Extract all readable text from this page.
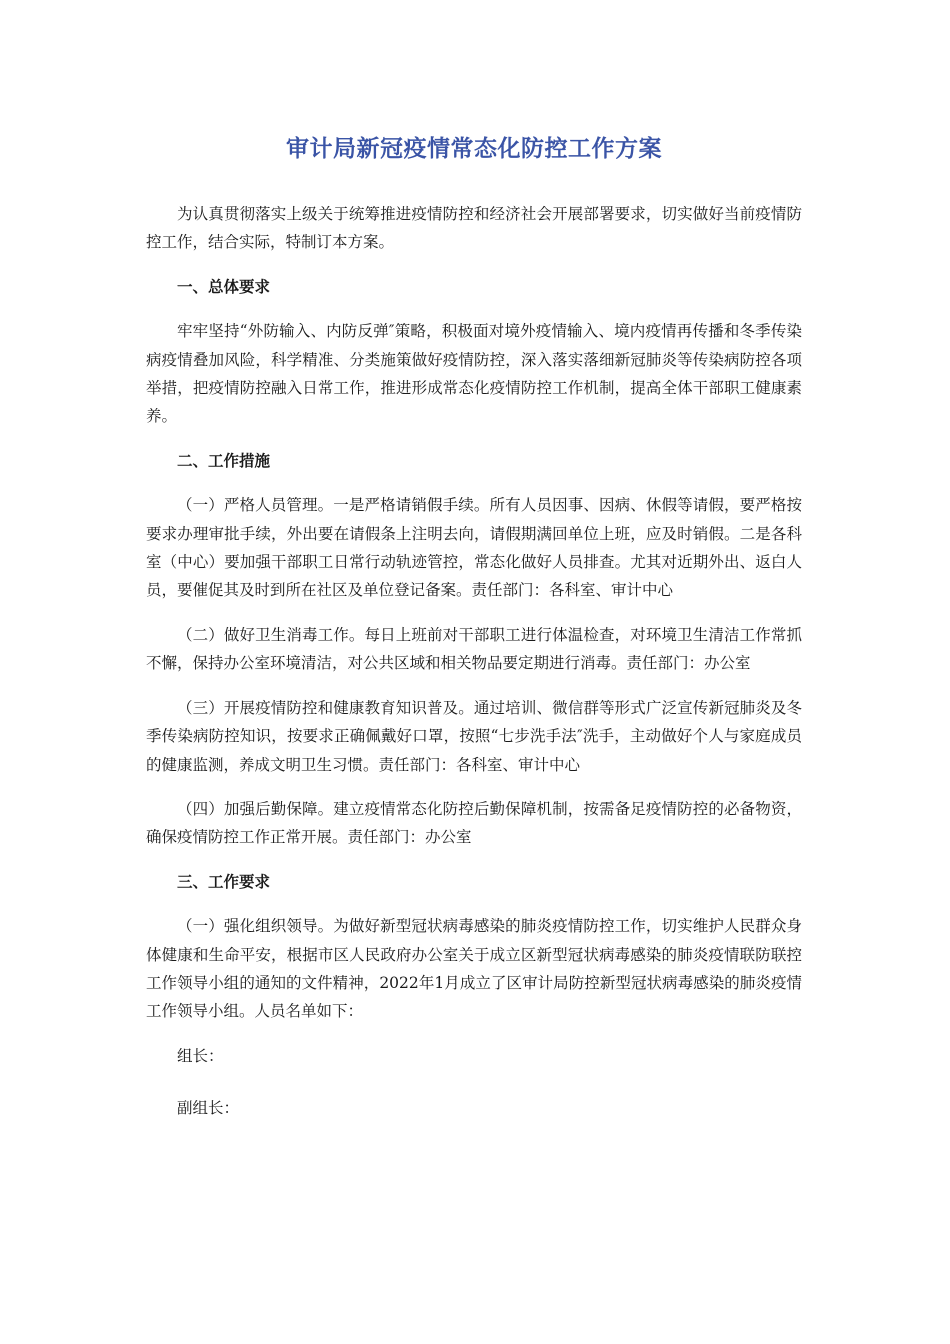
审计局新冠疫情常态化防控工作方案

为认真贯彻落实上级关于统筹推进疫情防控和经济社会开展部署要求，切实做好当前疫情防控工作，结合实际，特制订本方案。

一、总体要求

牢牢坚持“外防输入、内防反弹″策略，积极面对境外疫情输入、境内疫情再传播和冬季传染病疫情叠加风险，科学精准、分类施策做好疫情防控，深入落实落细新冠肺炎等传染病防控各项举措，把疫情防控融入日常工作，推进形成常态化疫情防控工作机制，提高全体干部职工健康素养。

二、工作措施

（一）严格人员管理。一是严格请销假手续。所有人员因事、因病、休假等请假，要严格按要求办理审批手续，外出要在请假条上注明去向，请假期满回单位上班，应及时销假。二是各科室（中心）要加强干部职工日常行动轨迹管控，常态化做好人员排查。尤其对近期外出、返白人员，要催促其及时到所在社区及单位登记备案。责任部门：各科室、审计中心

（二）做好卫生消毒工作。每日上班前对干部职工进行体温检查，对环境卫生清洁工作常抓不懈，保持办公室环境清洁，对公共区域和相关物品要定期进行消毒。责任部门：办公室

（三）开展疫情防控和健康教育知识普及。通过培训、微信群等形式广泛宣传新冠肺炎及冬季传染病防控知识，按要求正确佩戴好口罩，按照“七步洗手法″洗手，主动做好个人与家庭成员的健康监测，养成文明卫生习惯。责任部门：各科室、审计中心

（四）加强后勤保障。建立疫情常态化防控后勤保障机制，按需备足疫情防控的必备物资，确保疫情防控工作正常开展。责任部门：办公室

三、工作要求

（一）强化组织领导。为做好新型冠状病毒感染的肺炎疫情防控工作，切实维护人民群众身体健康和生命平安，根据市区人民政府办公室关于成立区新型冠状病毒感染的肺炎疫情联防联控工作领导小组的通知的文件精神，2022年1月成立了区审计局防控新型冠状病毒感染的肺炎疫情工作领导小组。人员名单如下：

组长：

副组长：
